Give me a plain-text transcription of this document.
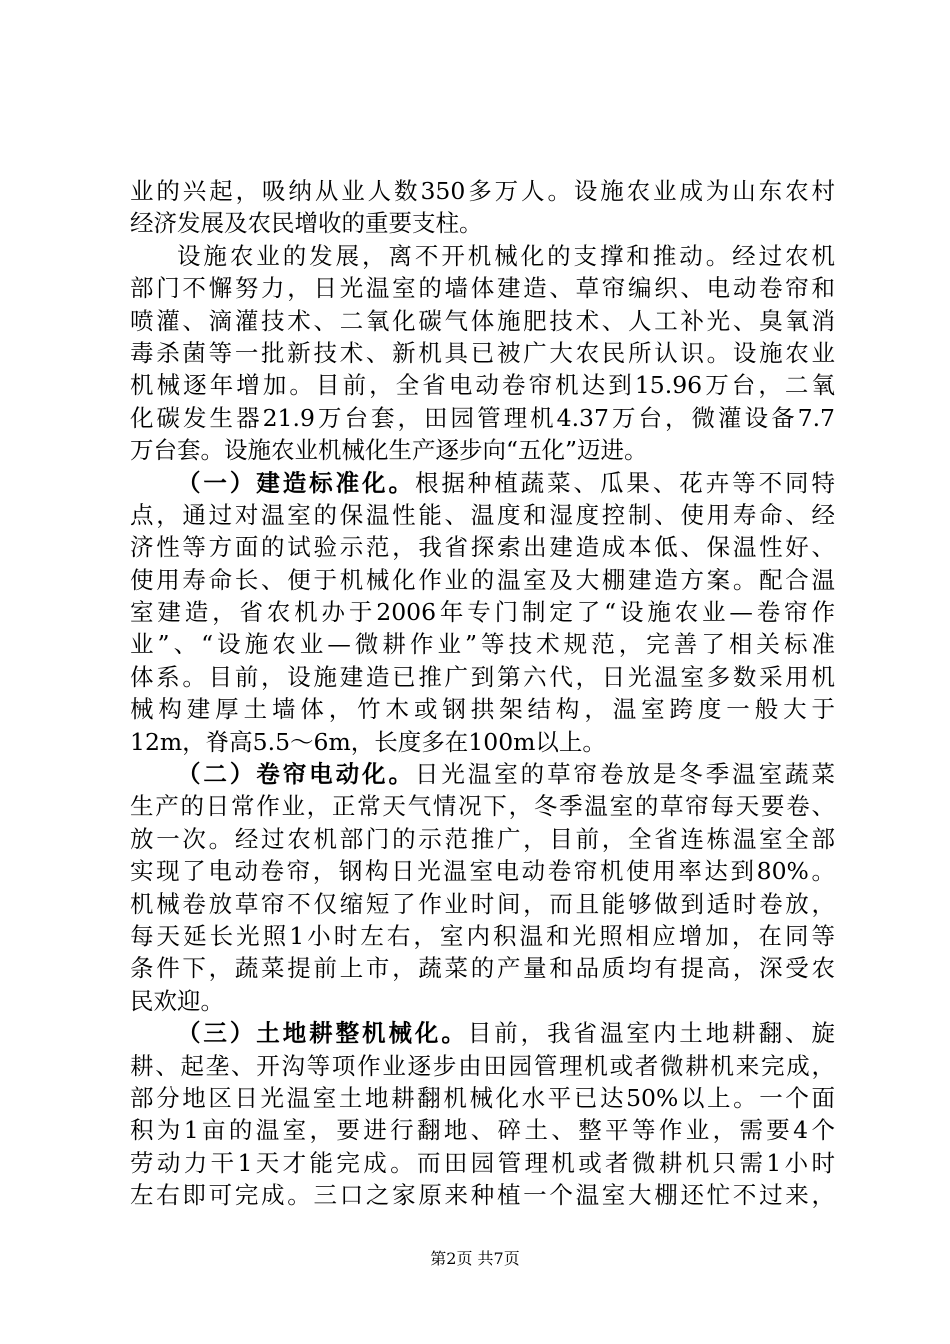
业的兴起，吸纳从业人数350多万人。设施农业成为山东农村
经济发展及农民增收的重要支柱。
设施农业的发展，离不开机械化的支撑和推动。经过农机
部门不懈努力，日光温室的墙体建造、草帘编织、电动卷帘和
喷灌、滴灌技术、二氧化碳气体施肥技术、人工补光、臭氧消
毒杀菌等一批新技术、新机具已被广大农民所认识。设施农业
机械逐年增加。目前，全省电动卷帘机达到15.96万台，二氧
化碳发生器21.9万台套，田园管理机4.37万台，微灌设备7.7
万台套。设施农业机械化生产逐步向“五化”迈进。
（一）建造标准化。根据种植蔬菜、瓜果、花卉等不同特
点，通过对温室的保温性能、温度和湿度控制、使用寿命、经
济性等方面的试验示范，我省探索出建造成本低、保温性好、
使用寿命长、便于机械化作业的温室及大棚建造方案。配合温
室建造，省农机办于2006年专门制定了“设施农业—卷帘作
业”、“设施农业—微耕作业”等技术规范，完善了相关标准
体系。目前，设施建造已推广到第六代，日光温室多数采用机
械构建厚土墙体，竹木或钢拱架结构，温室跨度一般大于
12m，脊高5.5～6m，长度多在100m以上。
（二）卷帘电动化。日光温室的草帘卷放是冬季温室蔬菜
生产的日常作业，正常天气情况下，冬季温室的草帘每天要卷、
放一次。经过农机部门的示范推广，目前，全省连栋温室全部
实现了电动卷帘，钢构日光温室电动卷帘机使用率达到80%。
机械卷放草帘不仅缩短了作业时间，而且能够做到适时卷放，
每天延长光照1小时左右，室内积温和光照相应增加，在同等
条件下，蔬菜提前上市，蔬菜的产量和品质均有提高，深受农
民欢迎。
（三）土地耕整机械化。目前，我省温室内土地耕翻、旋
耕、起垄、开沟等项作业逐步由田园管理机或者微耕机来完成，
部分地区日光温室土地耕翻机械化水平已达50%以上。一个面
积为1亩的温室，要进行翻地、碎土、整平等作业，需要4个
劳动力干1天才能完成。而田园管理机或者微耕机只需1小时
左右即可完成。三口之家原来种植一个温室大棚还忙不过来，
第2页 共7页
